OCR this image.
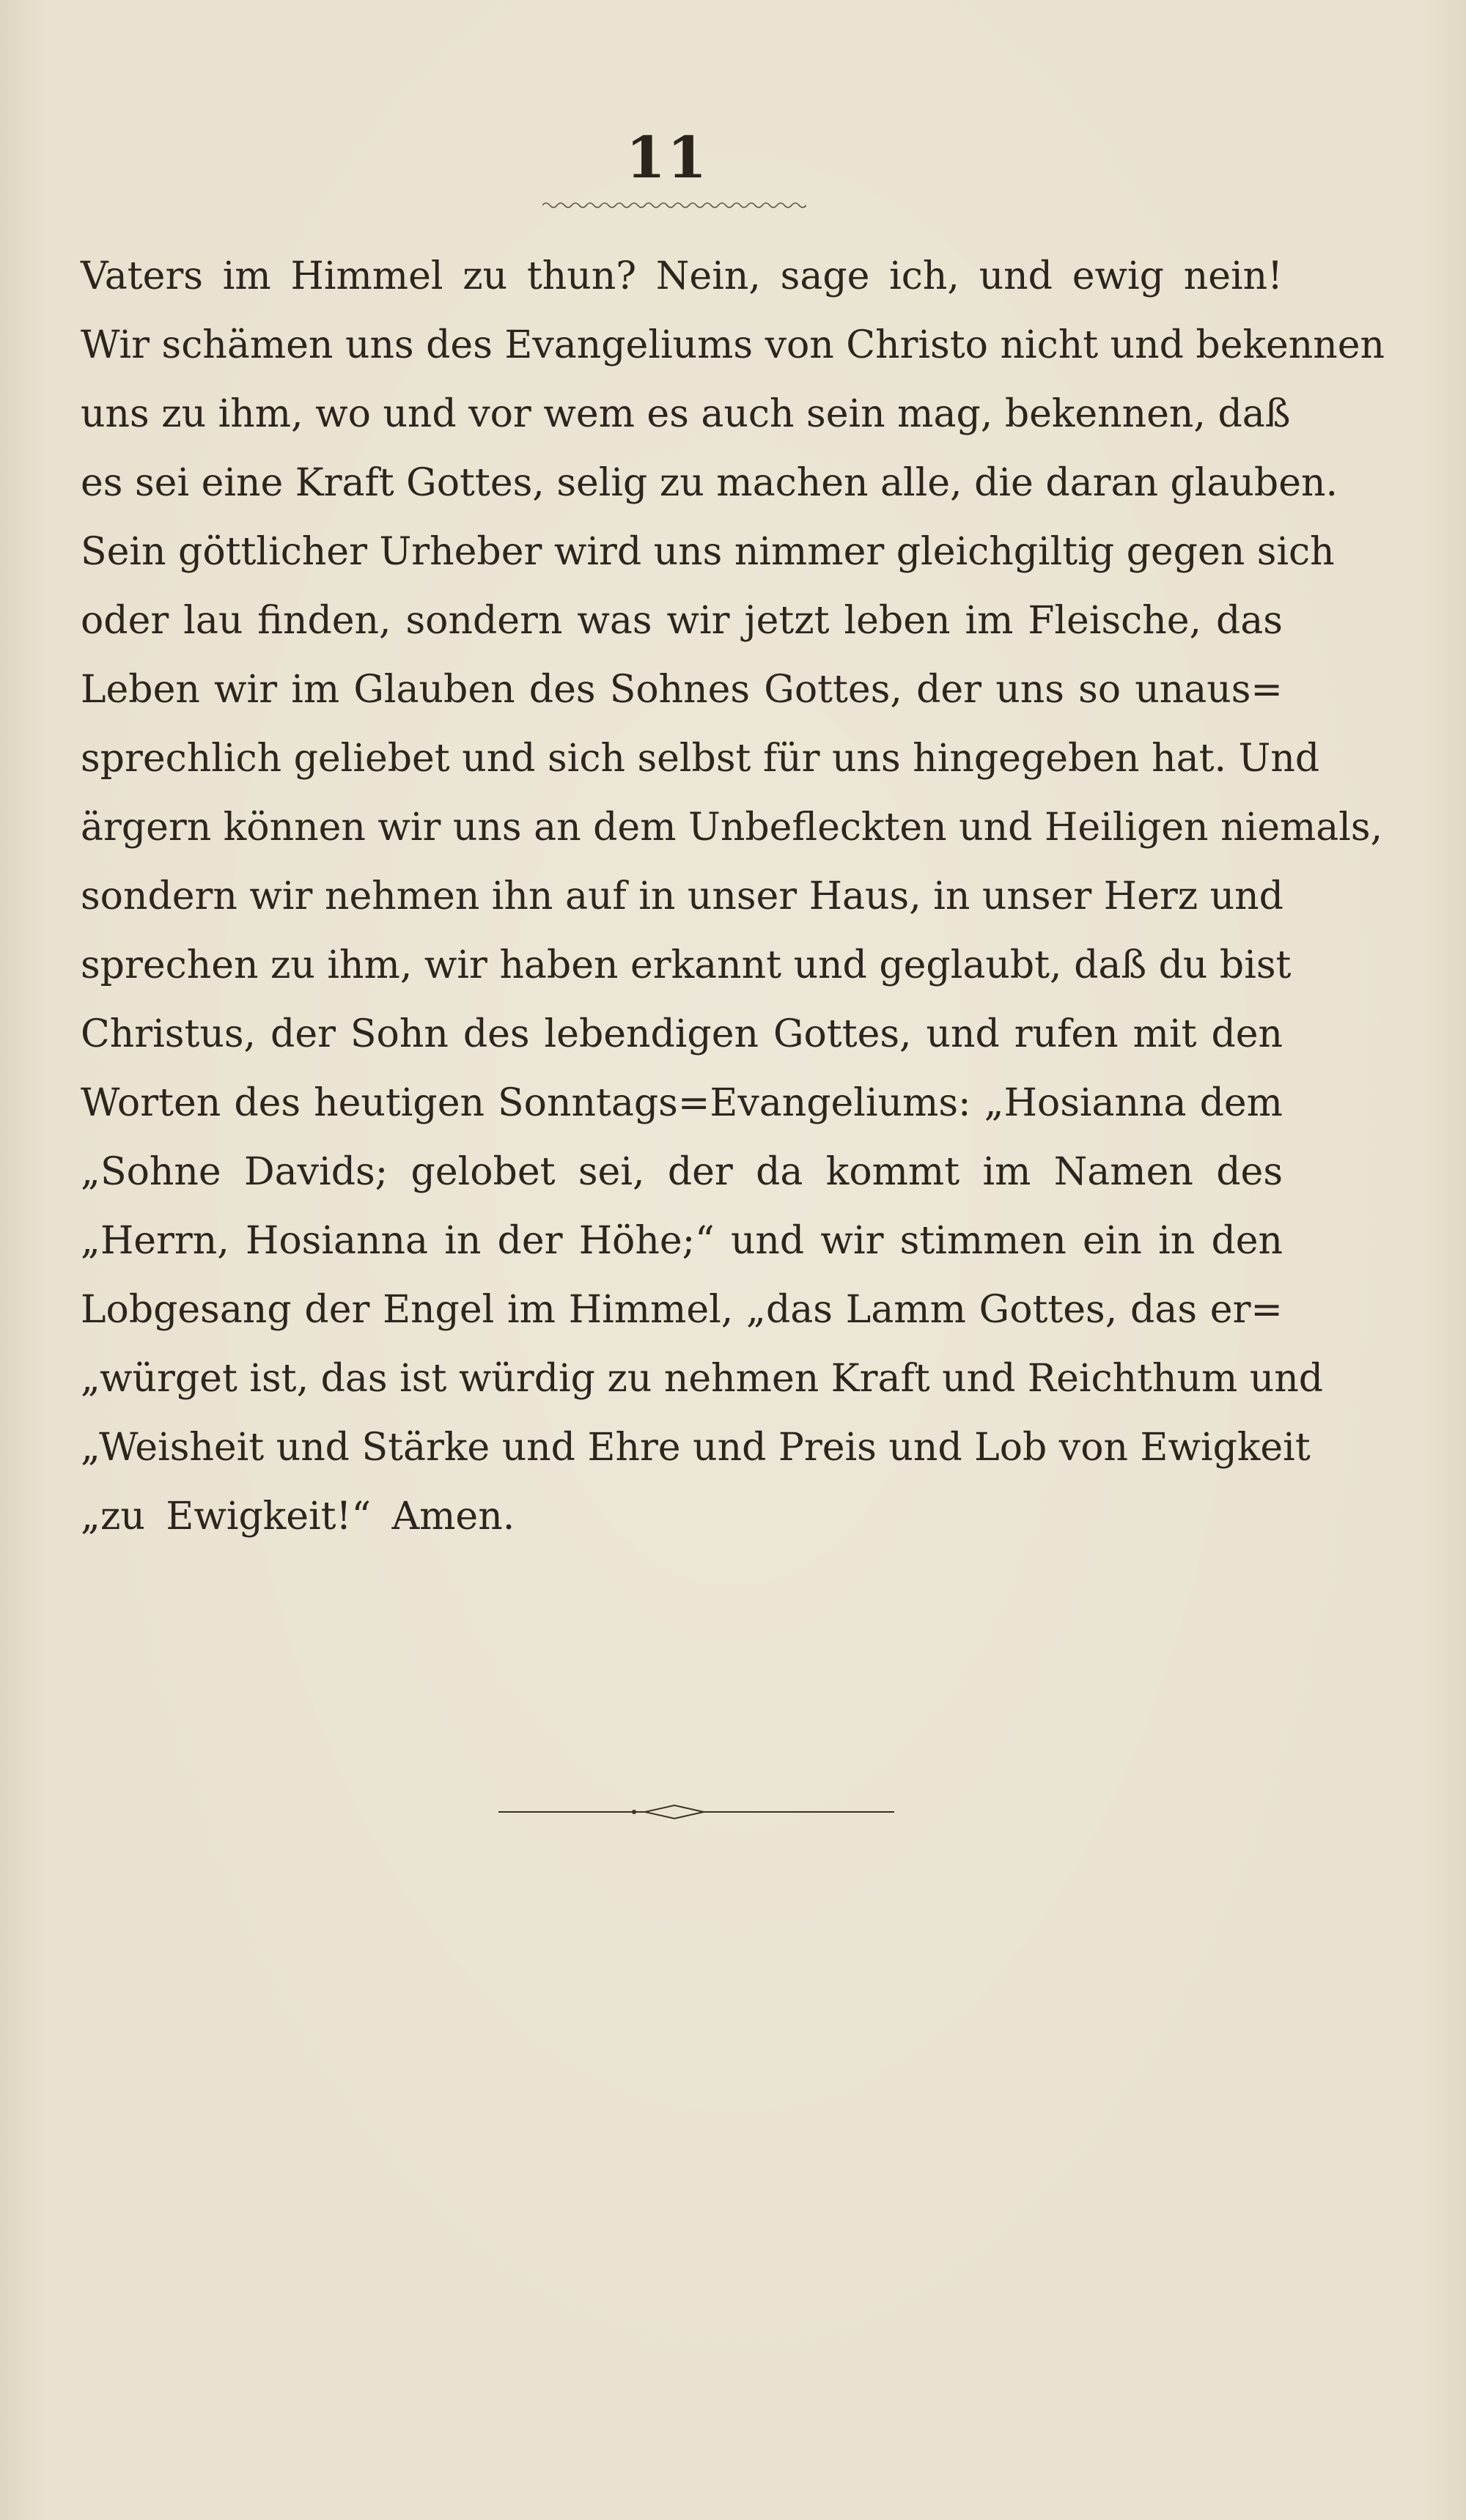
11
Vaters im Himmel zu thun? Nein, sage ich, und ewig nein!
Wir schämen uns des Evangeliums von Christo nicht und bekennen
uns zu ihm, wo und vor wem es auch sein mag, bekennen, daß
es sei eine Kraft Gottes, selig zu machen alle, die daran glauben.
Sein göttlicher Urheber wird uns nimmer gleichgiltig gegen sich
oder lau finden, sondern was wir jetzt leben im Fleische, das
Leben wir im Glauben des Sohnes Gottes, der uns so unaus=
sprechlich geliebet und sich selbst für uns hingegeben hat. Und
ärgern können wir uns an dem Unbefleckten und Heiligen niemals,
sondern wir nehmen ihn auf in unser Haus, in unser Herz und
sprechen zu ihm, wir haben erkannt und geglaubt, daß du bist
Christus, der Sohn des lebendigen Gottes, und rufen mit den
Worten des heutigen Sonntags=Evangeliums: „Hosianna dem
„Sohne Davids; gelobet sei, der da kommt im Namen des
„Herrn, Hosianna in der Höhe;“ und wir stimmen ein in den
Lobgesang der Engel im Himmel, „das Lamm Gottes, das er=
„würget ist, das ist würdig zu nehmen Kraft und Reichthum und
„Weisheit und Stärke und Ehre und Preis und Lob von Ewigkeit
„zu Ewigkeit!“ Amen.
